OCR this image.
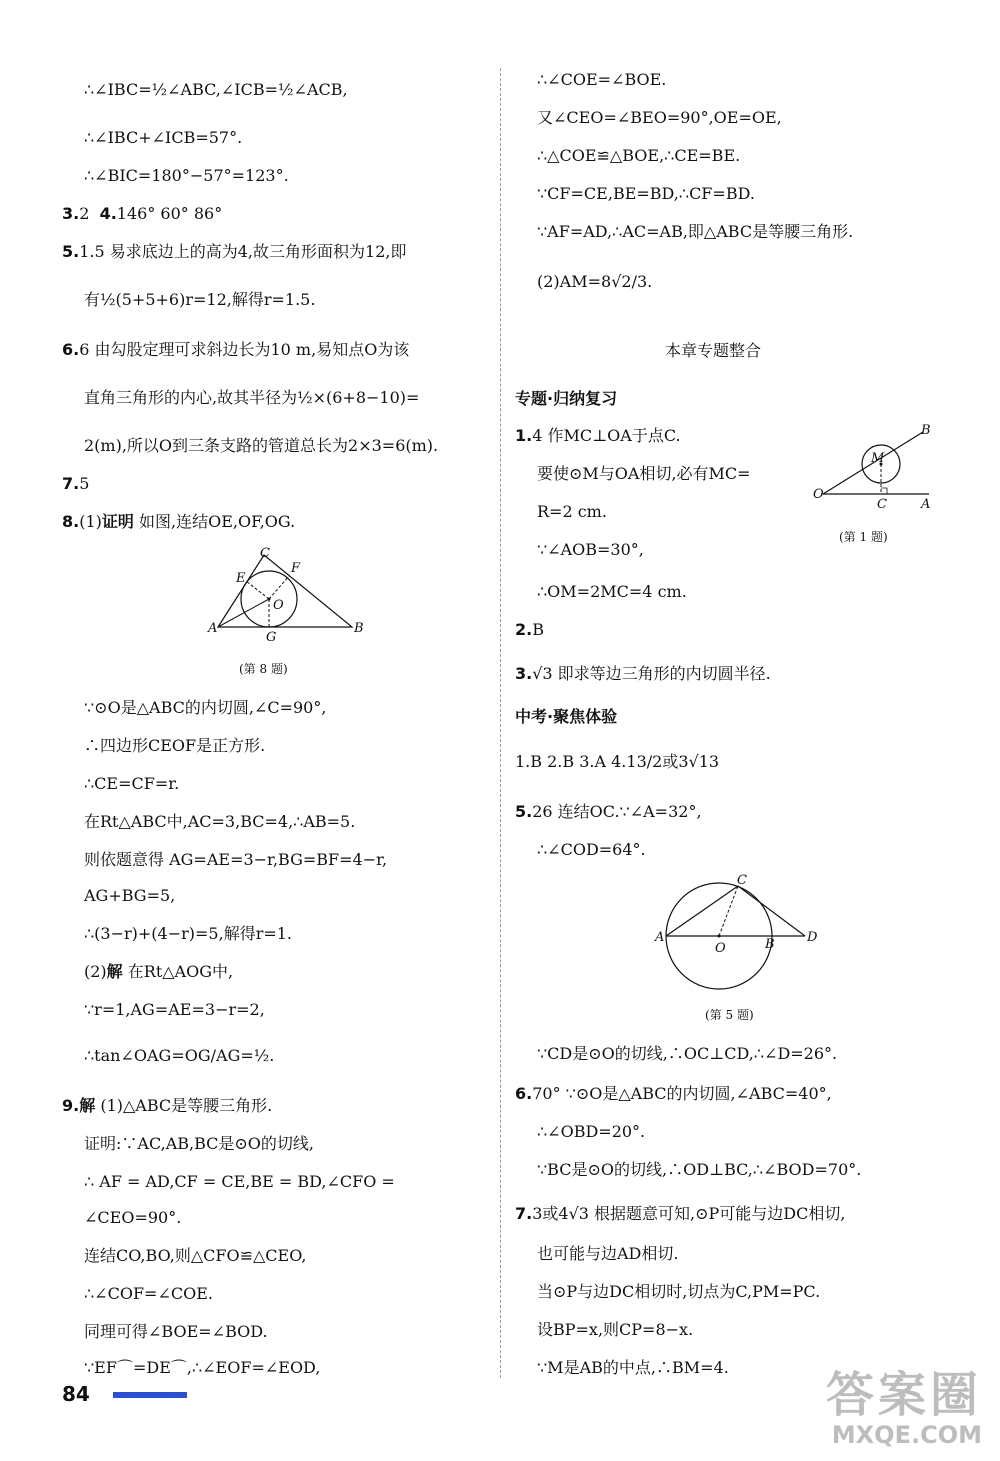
∴∠IBC=½∠ABC,∠ICB=½∠ACB,
∴∠IBC+∠ICB=57°.
∴∠BIC=180°−57°=123°.
3.2 4.146° 60° 86°
5.1.5 易求底边上的高为4,故三角形面积为12,即
有½(5+5+6)r=12,解得r=1.5.
6.6 由勾股定理可求斜边长为10 m,易知点O为该
直角三角形的内心,故其半径为½×(6+8−10)=
2(m),所以O到三条支路的管道总长为2×3=6(m).
7.5
8.(1)证明 如图,连结OE,OF,OG.
A	B
C
E
F
G
O
(第 8 题)
∵⊙O是△ABC的内切圆,∠C=90°,
∴四边形CEOF是正方形.
∴CE=CF=r.
在Rt△ABC中,AC=3,BC=4,∴AB=5.
则依题意得 AG=AE=3−r,BG=BF=4−r,
AG+BG=5,
∴(3−r)+(4−r)=5,解得r=1.
(2)解 在Rt△AOG中,
∵r=1,AG=AE=3−r=2,
∴tan∠OAG=OG/AG=½.
9.解 (1)△ABC是等腰三角形.
证明:∵AC,AB,BC是⊙O的切线,
∴ AF = AD,CF = CE,BE = BD,∠CFO =
∠CEO=90°.
连结CO,BO,则△CFO≌△CEO,
∴∠COF=∠COE.
同理可得∠BOE=∠BOD.
∵EF⌒=DE⌒,∴∠EOF=∠EOD,
∴∠COE=∠BOE.
又∠CEO=∠BEO=90°,OE=OE,
∴△COE≌△BOE,∴CE=BE.
∵CF=CE,BE=BD,∴CF=BD.
∵AF=AD,∴AC=AB,即△ABC是等腰三角形.
(2)AM=8√2/3.
本章专题整合
专题·归纳复习
1.4 作MC⊥OA于点C.
要使⊙M与OA相切,必有MC=
R=2 cm.
∵∠AOB=30°,
∴OM=2MC=4 cm.
B
M
O
C	A
(第 1 题)
2.B
3.√3 即求等边三角形的内切圆半径.
中考·聚焦体验
1.B 2.B 3.A 4.13/2或3√13
5.26 连结OC.∵∠A=32°,
∴∠COD=64°.
A
O	B
C
D
(第 5 题)
∵CD是⊙O的切线,∴OC⊥CD,∴∠D=26°.
6.70° ∵⊙O是△ABC的内切圆,∠ABC=40°,
∴∠OBD=20°.
∵BC是⊙O的切线,∴OD⊥BC,∴∠BOD=70°.
7.3或4√3 根据题意可知,⊙P可能与边DC相切,
也可能与边AD相切.
当⊙P与边DC相切时,切点为C,PM=PC.
设BP=x,则CP=8−x.
∵M是AB的中点,∴BM=4.
84	答案圈
MXQE.COM
